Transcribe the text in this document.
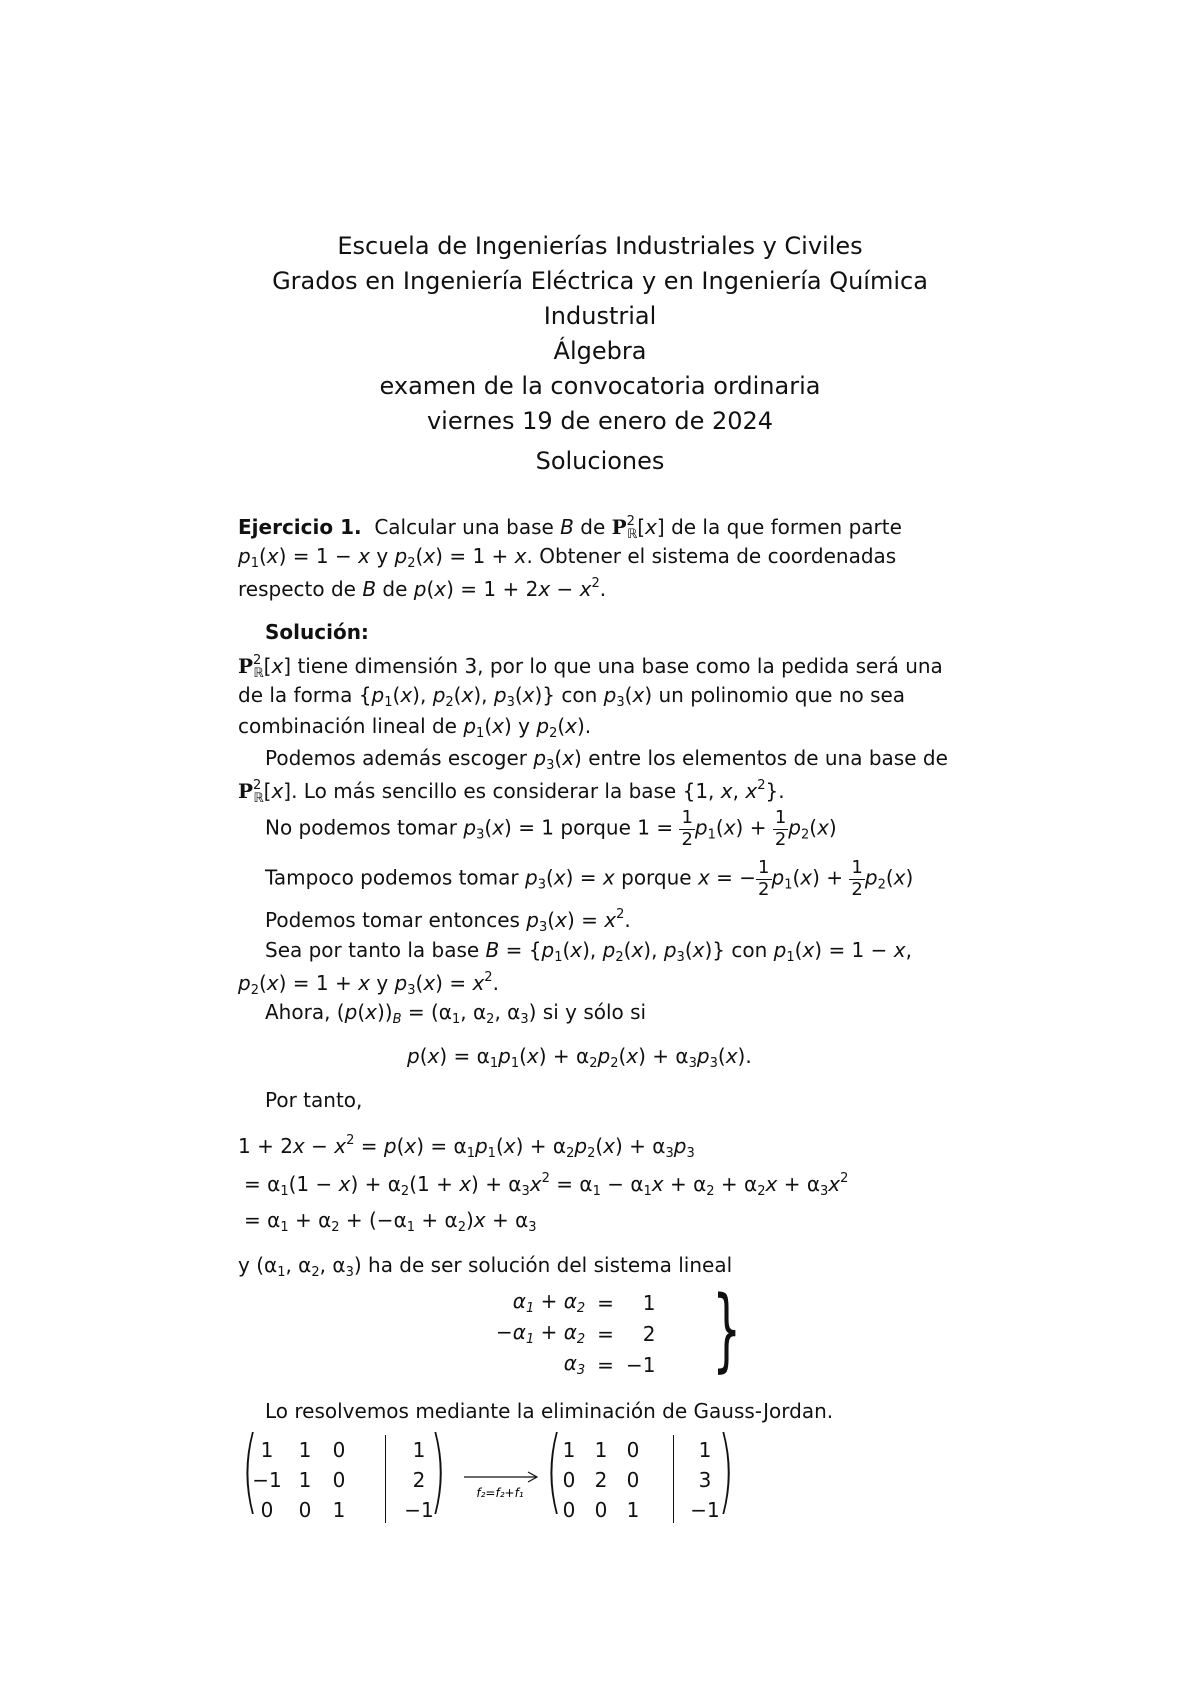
Escuela de Ingenierías Industriales y Civiles
Grados en Ingeniería Eléctrica y en Ingeniería Química
Industrial
Álgebra
examen de la convocatoria ordinaria
viernes 19 de enero de 2024
Soluciones
Ejercicio 1. Calcular una base B de $P^2_ℝ[x]$ de la que formen parte
$p_1(x) = 1 - x$ y $p_2(x) = 1 + x$. Obtener el sistema de coordenadas
respecto de B de $p(x) = 1 + 2x - x^2$.
Solución:
$P^2_ℝ[x]$ tiene dimensión 3, por lo que una base como la pedida será una
de la forma {$p_1(x)$, $p_2(x)$, $p_3(x)$} con $p_3(x)$ un polinomio que no sea
combinación lineal de $p_1(x)$ y $p_2(x)$.
Podemos además escoger $p_3(x)$ entre los elementos de una base de
$P^2_ℝ[x]$. Lo más sencillo es considerar la base {1, x, $x^2$}.
No podemos tomar $p_3(x) = 1$ porque $1 = \frac{1}{2} p_1(x) + \frac{1}{2} p_2(x)$
Tampoco podemos tomar $p_3(x) = x$ porque x = − $\frac{1}{2} p_1(x) + \frac{1}{2} p_2(x)$
Podemos tomar entonces $p_3(x) = x^2$.
Sea por tanto la base $B = \{p_1(x)$, $p_2(x)$, $p_3(x)$} con $p_1(x) = 1 - x$,
$p_2(x) = 1 + x$ y $p_3(x) = x^2$.
Ahora, $(p(x))_B = (\alpha_1$, $\alpha_2$, $\alpha_3$) si y sólo si
$p(x) = \alpha_1p_1(x) + \alpha_2p_2(x) + \alpha_3p_3(x)$.
Por tanto,
$1 + 2x - x^2 = p(x) = \alpha_1p_1(x) + \alpha_2p_2(x) + \alpha_3p_3$
= $\alpha_1(1 - x) + \alpha_2(1 + x) + \alpha_3x^2 = \alpha_1 - \alpha_1x + \alpha_2 + \alpha_2x + \alpha_3x^2$
= $\alpha_1 + \alpha_2 + (-\alpha_1 + \alpha_2)x + \alpha_3$
y ($\alpha_1$, $\alpha_2$, $\alpha_3$) ha de ser solución del sistema lineal
$\alpha_1 + \alpha_2$	=	1
$-\alpha_1 + \alpha_2$	=	2
$\alpha_3$	=	−1 }
Lo resolvemos mediante la eliminación de Gauss-Jordan.
( 1	1	0	1
−1 1	0	2
0	0	1	−1
)	f₂=f₂+f₁ ( 1 1 0	1
0 2 0	3
0 0 1	−1
)
